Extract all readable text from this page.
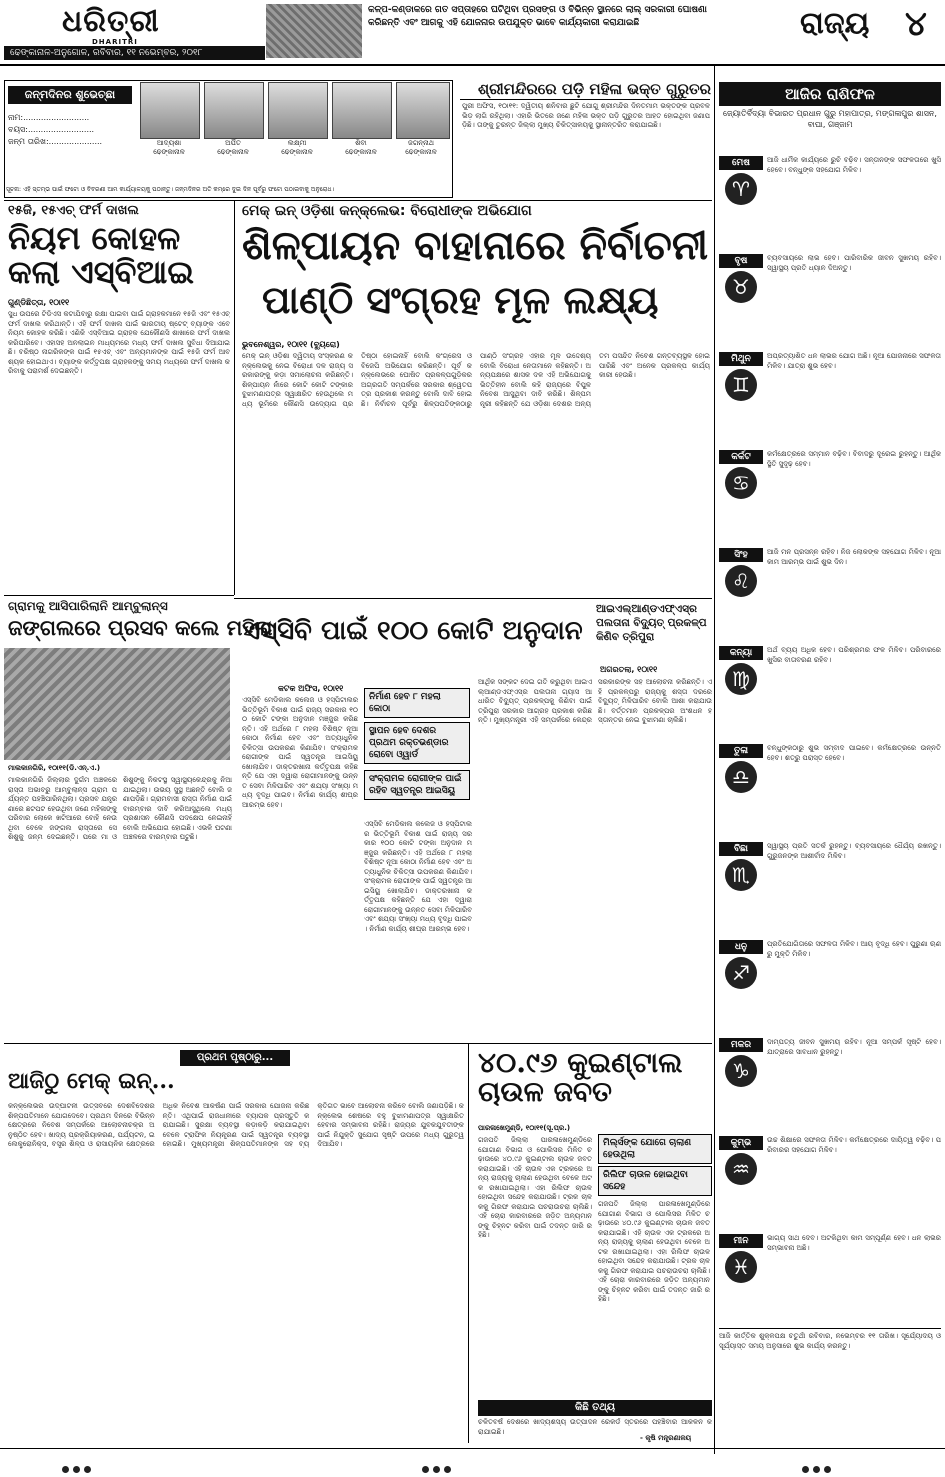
ଧରିତ୍ରୀ
DHARITRI
ଢେଙ୍କାନାଳ-ଅନୁଗୋଳ, ରବିବାର, ୧୧ ନଭେମ୍ବର, ୨୦୧୮
କଳ୍ପ-କଣ୍ଡାକରେ ଗତ ସପ୍ତାହରେ ଘଟିଥିବା ପ୍ରସଙ୍ଗ ଓ ବିଭିନ୍ନ ସ୍ଥାନରେ ଲାଲ୍ ସରକାରୀ ଘୋଷଣା କରିଛନ୍ତି ଏବଂ ଆଗକୁ ଏହି ଯୋଜନାର ଉପଯୁକ୍ତ ଭାବେ କାର୍ଯ୍ୟକାରୀ କରାଯାଇଛି	ରାଜ୍ୟ ୪
ଜନ୍ମଦିନର ଶୁଭେଚ୍ଛା
ନାମ:..........................
ବୟସ:..........................
ଜନ୍ମ ତାରିଖ:.....................	ଆଦ୍ୟଶା
ଢେଙ୍କାନାଳ
ଅର୍ପିତ
ଢେଙ୍କାନାଳ
ଲକ୍ଷ୍ମୀ
ଢେଙ୍କାନାଳ
ଶିବା
ଢେଙ୍କାନାଳ
ଜଗନ୍ନାଥ
ଢେଙ୍କାନାଳ
ସୂଚନା: ଏହି ସ୍ତମ୍ଭ ପାଇଁ ଫଟୋ ଓ ବିବରଣୀ ଆମ କାର୍ଯ୍ୟାଳୟକୁ ପଠାନ୍ତୁ। ଜନ୍ମଦିନର ଅତି କମ୍‌ରେ ଦୁଇ ଦିନ ପୂର୍ବରୁ ଫଟୋ ପଠାଇବାକୁ ଅନୁରୋଧ।
ଶ୍ରୀମନ୍ଦିରରେ ପଡ଼ି ମହିଳା ଭକ୍ତ ଗୁରୁତର
ପୁରୀ ଅଫିସ, ୧୦ା୧୧: ଦ୍ୱିତୀୟ ଶନିବାର ଛୁଟି ଯୋଗୁ ଶ୍ରୀମନ୍ଦିର ଦିନତମାମ ଭକ୍ତଙ୍କ ପ୍ରବଳ ଭିଡ଼ ଲାଗି ରହିଥିଲା। ଏହାରି ଭିତରେ ଜଣେ ମହିଳା ଭକ୍ତ ପଡ଼ି ଗୁରୁତର ଆହତ ହୋଇଥିବା ଜଣାପଡ଼ିଛି। ତାଙ୍କୁ ତୁରନ୍ତ ଜିଲ୍ଲା ମୁଖ୍ୟ ଚିକିତ୍ସାଳୟକୁ ସ୍ଥାନାନ୍ତରିତ କରାଯାଇଛି।
୧୫ଜି, ୧୫ଏଚ୍ ଫର୍ମ ଦାଖଲ
ନିୟମ କୋହଳ କଲା ଏସ୍‌ବିଆଇ
ଗୁଣ୍ଡିଛିତ୍ତା, ୧୦ା୧୧
ସୁଧ ଉପରେ ଟିଡିଏସ କଟାଯିବାରୁ ରକ୍ଷା ପାଇବା ପାଇଁ ଗ୍ରାହକମାନେ ୧୫ଜି ଏବଂ ୧୫ଏଚ୍ ଫର୍ମ ଦାଖଲ କରିଥାନ୍ତି। ଏହି ଫର୍ମ ଦାଖଲ ପାଇଁ ଭାରତୀୟ ଷ୍ଟେଟ୍ ବ୍ୟାଙ୍କ ଏବେ ନିୟମ କୋହଳ କରିଛି। ଏଣିକି ଏସ୍‌ବିଆଇ ଗ୍ରାହକ ଯେକୌଣସି ଶାଖାରେ ଫର୍ମ ଦାଖଲ କରିପାରିବେ। ଏହାସହ ଅନଲାଇନ ମାଧ୍ୟମରେ ମଧ୍ୟ ଫର୍ମ ଦାଖଲ ସୁବିଧା ଦିଆଯାଇଛି। ବରିଷ୍ଠ ନାଗରିକଙ୍କ ପାଇଁ ୧୫ଏଚ୍ ଏବଂ ଅନ୍ୟମାନଙ୍କ ପାଇଁ ୧୫ଜି ଫର୍ମ ଆବଶ୍ୟକ ହୋଇଥାଏ। ବ୍ୟାଙ୍କ କର୍ତ୍ତୃପକ୍ଷ ଗ୍ରାହକଙ୍କୁ ସମୟ ମଧ୍ୟରେ ଫର୍ମ ଦାଖଲ କରିବାକୁ ପରାମର୍ଶ ଦେଇଛନ୍ତି।
ମେକ୍ ଇନ୍ ଓଡ଼ିଶା କନ୍‌କ୍ଲେଭ: ବିରୋଧୀଙ୍କ ଅଭିଯୋଗ
ଶିଳ୍ପାୟନ ବାହାନାରେ ନିର୍ବାଚନୀ
ପାଣ୍ଠି ସଂଗ୍ରହ ମୂଳ ଲକ୍ଷ୍ୟ
ଭୁବନେଶ୍ୱର, ୧୦ା୧୧ (ବ୍ୟୁରୋ)
ମେକ୍ ଇନ୍ ଓଡ଼ିଶା ଦ୍ୱିତୀୟ ସଂସ୍କରଣ କନ୍‌କ୍ଲେଭକୁ ନେଇ ବିରୋଧୀ ଦଳ ରାଜ୍ୟ ସରକାରଙ୍କୁ କଡ଼ା ସମାଲୋଚନା କରିଛନ୍ତି। ଶିଳ୍ପାୟନ ନାଁରେ କୋଟି କୋଟି ଟଙ୍କାର ବୁଝାମଣାପତ୍ର ସ୍ୱାକ୍ଷରିତ ହେଉଥିଲେ ମଧ୍ୟ ଭୂମିରେ କୌଣସି ଉଦ୍ୟୋଗ ପ୍ରତିଷ୍ଠା ହୋଇନାହିଁ ବୋଲି କଂଗ୍ରେସ ଓ ବିଜେପି ଅଭିଯୋଗ କରିଛନ୍ତି। ପୂର୍ବ କନ୍‌କ୍ଲେଭରେ ଘୋଷିତ ପ୍ରକଳ୍ପଗୁଡ଼ିକର ଅଗ୍ରଗତି ସମ୍ପର୍କରେ ସରକାର ଶ୍ୱେତପତ୍ର ପ୍ରକାଶ କରନ୍ତୁ ବୋଲି ଦାବି ହୋଇଛି। ନିର୍ବାଚନ ପୂର୍ବରୁ ଶିଳ୍ପପତିଙ୍କଠାରୁ ପାଣ୍ଠି ସଂଗ୍ରହ ଏହାର ମୂଳ ଉଦ୍ଦେଶ୍ୟ ବୋଲି ବିରୋଧୀ ନେତାମାନେ କହିଛନ୍ତି। ଅନ୍ୟପକ୍ଷରେ ଶାସକ ଦଳ ଏହି ଅଭିଯୋଗକୁ ଭିତ୍ତିହୀନ ବୋଲି କହି ରାଜ୍ୟରେ ବିପୁଳ ନିବେଶ ଆସୁଥିବା ଦାବି କରିଛି। ଶିଳ୍ପମନ୍ତ୍ରୀ କହିଛନ୍ତି ଯେ ଓଡ଼ିଶା ଦେଶର ଅନ୍ୟତମ ପସନ୍ଦିତ ନିବେଶ ଗନ୍ତବ୍ୟସ୍ଥଳ ହୋଇପାରିଛି ଏବଂ ଅନେକ ପ୍ରକଳ୍ପ କାର୍ଯ୍ୟକାରୀ ହେଉଛି।
ଗ୍ରାମକୁ ଆସିପାରିଲାନି ଆମ୍ବୁଲାନ୍ସ
ଜଙ୍ଗଲରେ ପ୍ରସବ କଲେ ମହିଳା
ମାଲକାନଗିରି, ୧୦ା୧୧(ଡି.ଏନ୍.ଏ.)
ମାଲକାନଗିରି ଜିଲ୍ଲାର ଦୁର୍ଗମ ଅଞ୍ଚଳରେ ରାସ୍ତା ଅଭାବରୁ ଆମ୍ବୁଲାନ୍ସ ଗ୍ରାମ ପର୍ଯ୍ୟନ୍ତ ପହଞ୍ଚିପାରିନଥିଲା। ପ୍ରସବ ଯନ୍ତ୍ରଣାରେ ଛଟପଟ ହେଉଥିବା ଜଣେ ମହିଳାଙ୍କୁ ପରିବାର ଲୋକେ ଖଟିଆରେ ବୋହି ନେଉଥିବା ବେଳେ ଜଙ୍ଗଲ ରାସ୍ତାରେ ସେ ଶିଶୁକୁ ଜନ୍ମ ଦେଇଛନ୍ତି। ପରେ ମା ଓ ଶିଶୁଙ୍କୁ ନିକଟସ୍ଥ ସ୍ୱାସ୍ଥ୍ୟକେନ୍ଦ୍ରକୁ ନିଆଯାଇଥିଲା। ଉଭୟ ସୁସ୍ଥ ଅଛନ୍ତି ବୋଲି ଜଣାପଡ଼ିଛି। ଗ୍ରାମବାସୀ ରାସ୍ତା ନିର୍ମାଣ ପାଇଁ ବାରମ୍ବାର ଦାବି କରିଆସୁଥିଲେ ମଧ୍ୟ ପ୍ରଶାସନ କୌଣସି ପଦକ୍ଷେପ ନେଇନାହିଁ ବୋଲି ଅଭିଯୋଗ ହୋଇଛି। ଏଭଳି ଘଟଣା ଅଞ୍ଚଳରେ ବାରମ୍ବାର ଘଟୁଛି।
ଏସ୍‌ସିବି ପାଇଁ ୧୦୦ କୋଟି ଅନୁଦାନ
କଟକ ଅଫିସ, ୧୦ା୧୧
ନିର୍ମାଣ ହେବ ୮ ମହଲା କୋଠା
ସ୍ଥାପନ ହେବ ଦେଶର ପ୍ରଥମ ରକ୍ତଭଣ୍ଡାର ରୋବୋ ଓ୍ୱାର୍ଡ
ସଂକ୍ରାମକ ରୋଗୀଙ୍କ ପାଇଁ ରହିବ ସ୍ୱତନ୍ତ୍ର ଆଇସିୟୁ
ଏସ୍‌ସିବି ମେଡିକାଲ କଲେଜ ଓ ହସ୍ପିଟାଲର ଭିତ୍ତିଭୂମି ବିକାଶ ପାଇଁ ରାଜ୍ୟ ସରକାର ୧୦୦ କୋଟି ଟଙ୍କା ଅନୁଦାନ ମଞ୍ଜୁର କରିଛନ୍ତି। ଏହି ଅର୍ଥରେ ୮ ମହଲା ବିଶିଷ୍ଟ ନୂଆ କୋଠା ନିର୍ମାଣ ହେବ ଏବଂ ଅତ୍ୟାଧୁନିକ ଚିକିତ୍ସା ଉପକରଣ କିଣାଯିବ। ସଂକ୍ରାମକ ରୋଗୀଙ୍କ ପାଇଁ ସ୍ୱତନ୍ତ୍ର ଆଇସିୟୁ ଖୋଲାଯିବ। ଡାକ୍ତରଖାନା କର୍ତ୍ତୃପକ୍ଷ କହିଛନ୍ତି ଯେ ଏହା ଦ୍ୱାରା ରୋଗୀମାନଙ୍କୁ ଉନ୍ନତ ସେବା ମିଳିପାରିବ ଏବଂ ଶଯ୍ୟା ସଂଖ୍ୟା ମଧ୍ୟ ବୃଦ୍ଧି ପାଇବ। ନିର୍ମାଣ କାର୍ଯ୍ୟ ଶୀଘ୍ର ଆରମ୍ଭ ହେବ।
ଏସ୍‌ସିବି ମେଡିକାଲ କଲେଜ ଓ ହସ୍ପିଟାଲର ଭିତ୍ତିଭୂମି ବିକାଶ ପାଇଁ ରାଜ୍ୟ ସରକାର ୧୦୦ କୋଟି ଟଙ୍କା ଅନୁଦାନ ମଞ୍ଜୁର କରିଛନ୍ତି। ଏହି ଅର୍ଥରେ ୮ ମହଲା ବିଶିଷ୍ଟ ନୂଆ କୋଠା ନିର୍ମାଣ ହେବ ଏବଂ ଅତ୍ୟାଧୁନିକ ଚିକିତ୍ସା ଉପକରଣ କିଣାଯିବ। ସଂକ୍ରାମକ ରୋଗୀଙ୍କ ପାଇଁ ସ୍ୱତନ୍ତ୍ର ଆଇସିୟୁ ଖୋଲାଯିବ। ଡାକ୍ତରଖାନା କର୍ତ୍ତୃପକ୍ଷ କହିଛନ୍ତି ଯେ ଏହା ଦ୍ୱାରା ରୋଗୀମାନଙ୍କୁ ଉନ୍ନତ ସେବା ମିଳିପାରିବ ଏବଂ ଶଯ୍ୟା ସଂଖ୍ୟା ମଧ୍ୟ ବୃଦ୍ଧି ପାଇବ। ନିର୍ମାଣ କାର୍ଯ୍ୟ ଶୀଘ୍ର ଆରମ୍ଭ ହେବ।
ଆଇଏଲ୍‌ଆଣ୍ଡଏଫ୍‌ଏସ୍‌ର ପଲତାନା ବିଦ୍ୟୁତ୍ ପ୍ରକଳ୍ପ କିଣିବ ତ୍ରିପୁରା
ଅଗରତଲା, ୧୦ା୧୧
ଆର୍ଥିକ ସଙ୍କଟ ଦେଇ ଗତି କରୁଥିବା ଆଇଏଲ୍‌ଆଣ୍ଡଏଫ୍‌ଏସ୍‌ର ପଲତାନା ଗ୍ୟାସ ଆଧାରିତ ବିଦ୍ୟୁତ୍ ପ୍ରକଳ୍ପକୁ କିଣିବା ପାଇଁ ତ୍ରିପୁରା ସରକାର ଆଗ୍ରହ ପ୍ରକାଶ କରିଛନ୍ତି। ମୁଖ୍ୟମନ୍ତ୍ରୀ ଏହି ସମ୍ପର୍କରେ କେନ୍ଦ୍ର ସରକାରଙ୍କ ସହ ଆଲୋଚନା କରିଛନ୍ତି। ଏହି ପ୍ରକଳ୍ପରୁ ରାଜ୍ୟକୁ ଶସ୍ତା ଦରରେ ବିଦ୍ୟୁତ୍ ମିଳିପାରିବ ବୋଲି ଆଶା କରାଯାଉଛି। ବର୍ତ୍ତମାନ ପ୍ରକଳ୍ପର ଅଂଶଧନ ହସ୍ତାନ୍ତର ନେଇ ବୁଝାମଣା ଚାଲିଛି।
ପ୍ରଥମ ପୃଷ୍ଠାରୁ...
ଆଜିଠୁ ମେକ୍ ଇନ୍...
କନ୍‌କ୍ଲେଭର ଉଦ୍‌ଘାଟନୀ ଉତ୍ସବରେ ଦେଶବିଦେଶର ଶିଳ୍ପପତିମାନେ ଯୋଗଦେବେ। ପ୍ରଥମ ଦିନରେ ବିଭିନ୍ନ କ୍ଷେତ୍ରରେ ନିବେଶ ସମ୍ପର୍କରେ ଆଲୋଚନାଚକ୍ର ଅନୁଷ୍ଠିତ ହେବ। ଖାଦ୍ୟ ପ୍ରକ୍ରିୟାକରଣ, ପର୍ଯ୍ୟଟନ, ଇଲେକ୍ଟ୍ରୋନିକ୍ସ, ବସ୍ତ୍ର ଶିଳ୍ପ ଓ ରାସାୟନିକ କ୍ଷେତ୍ରରେ ଅଧିକ ନିବେଶ ଆକର୍ଷଣ ପାଇଁ ସରକାର ଯୋଜନା କରିଛନ୍ତି। ଏଥିପାଇଁ ରାଜଧାନୀରେ ବ୍ୟାପକ ପ୍ରସ୍ତୁତି କରାଯାଇଛି। ସୁରକ୍ଷା ବ୍ୟବସ୍ଥା କଡ଼ାକଡ଼ି କରାଯାଇଥିବା ବେଳେ ଟ୍ରାଫିକ ନିୟନ୍ତ୍ରଣ ପାଇଁ ସ୍ୱତନ୍ତ୍ର ବ୍ୟବସ୍ଥା ହୋଇଛି। ମୁଖ୍ୟମନ୍ତ୍ରୀ ଶିଳ୍ପପତିମାନଙ୍କ ସହ ବ୍ୟକ୍ତିଗତ ଭାବେ ଆଲୋଚନା କରିବେ ବୋଲି ଜଣାପଡ଼ିଛି। କନ୍‌କ୍ଲେଭ ଶେଷରେ ବହୁ ବୁଝାମଣାପତ୍ର ସ୍ୱାକ୍ଷରିତ ହେବାର ସମ୍ଭାବନା ରହିଛି। ରାଜ୍ୟର ଯୁବକଯୁବତୀଙ୍କ ପାଇଁ ନିଯୁକ୍ତି ସୁଯୋଗ ସୃଷ୍ଟି ଉପରେ ମଧ୍ୟ ଗୁରୁତ୍ୱ ଦିଆଯିବ।
୪୦.୯୬ କୁଇଣ୍ଟାଲ ଚାଉଳ ଜବତ
ପାରଳାଖେମୁଣ୍ଡି, ୧୦ା୧୧(ସୂ.ପ୍ର.)
ମିଲ୍‌ର୍ସଙ୍କ ଯୋଗେ ଚାଲାଣ ହେଉଥିଲା
ରିଲିଫ ଚାଉଳ ହୋଇଥିବା ସନ୍ଦେହ
ଗଜପତି ଜିଲ୍ଲା ପାରଳାଖେମୁଣ୍ଡିରେ ଯୋଗାଣ ବିଭାଗ ଓ ପୋଲିସର ମିଳିତ ଚଢ଼ାଉରେ ୪୦.୯୬ କୁଇଣ୍ଟାଲ ଚାଉଳ ଜବତ କରାଯାଇଛି। ଏହି ଚାଉଳ ଏକ ଟ୍ରକରେ ଅନ୍ୟ ରାଜ୍ୟକୁ ଚାଲାଣ ହେଉଥିବା ବେଳେ ଅଟକ ରଖାଯାଇଥିଲା। ଏହା ରିଲିଫ ଚାଉଳ ହୋଇଥିବା ସନ୍ଦେହ କରାଯାଉଛି। ଟ୍ରକ ଚାଳକକୁ ଗିରଫ କରାଯାଇ ପଚରାଉଚରା ଚାଲିଛି। ଏହି ଚୋରା କାରବାରରେ ଜଡ଼ିତ ଅନ୍ୟମାନଙ୍କୁ ଚିହ୍ନଟ କରିବା ପାଇଁ ତଦନ୍ତ ଜାରି ରହିଛି।
ଗଜପତି ଜିଲ୍ଲା ପାରଳାଖେମୁଣ୍ଡିରେ ଯୋଗାଣ ବିଭାଗ ଓ ପୋଲିସର ମିଳିତ ଚଢ଼ାଉରେ ୪୦.୯୬ କୁଇଣ୍ଟାଲ ଚାଉଳ ଜବତ କରାଯାଇଛି। ଏହି ଚାଉଳ ଏକ ଟ୍ରକରେ ଅନ୍ୟ ରାଜ୍ୟକୁ ଚାଲାଣ ହେଉଥିବା ବେଳେ ଅଟକ ରଖାଯାଇଥିଲା। ଏହା ରିଲିଫ ଚାଉଳ ହୋଇଥିବା ସନ୍ଦେହ କରାଯାଉଛି। ଟ୍ରକ ଚାଳକକୁ ଗିରଫ କରାଯାଇ ପଚରାଉଚରା ଚାଲିଛି। ଏହି ଚୋରା କାରବାରରେ ଜଡ଼ିତ ଅନ୍ୟମାନଙ୍କୁ ଚିହ୍ନଟ କରିବା ପାଇଁ ତଦନ୍ତ ଜାରି ରହିଛି।
କିଛି ତଥ୍ୟ
ଚଳିତବର୍ଷ ଦେଶରେ ଖାଦ୍ୟଶସ୍ୟ ଉତ୍ପାଦନ ରେକର୍ଡ ସ୍ତରରେ ପହଞ୍ଚିବାର ଆକଳନ କରାଯାଇଛି।
- କୃଷି ମନ୍ତ୍ରଣାଳୟ
ଆଜିର ରାଶିଫଳ
ଜ୍ୟୋତିର୍ବିଦ୍ୟା ବିଭାରତ ପ୍ରଧାନ ଗୁରୁ ମହାପାତ୍ର, ମଙ୍ଗଳାପୁର ଶାସନ, ବାଘା, ଗଞ୍ଜାମ
ମେଷ
♈
ଆଜି ଧାର୍ମିକ କାର୍ଯ୍ୟରେ ରୁଚି ବଢ଼ିବ। ସନ୍ତାନଙ୍କ ସଫଳତାରେ ଖୁସି ହେବେ। ବନ୍ଧୁଙ୍କ ସହଯୋଗ ମିଳିବ।
ବୃଷ
♉
ବ୍ୟବସାୟରେ ଲାଭ ହେବ। ପାରିବାରିକ ଜୀବନ ସୁଖମୟ ରହିବ। ସ୍ୱାସ୍ଥ୍ୟ ପ୍ରତି ଧ୍ୟାନ ଦିଅନ୍ତୁ।
ମିଥୁନ
♊
ଅପ୍ରତ୍ୟାଶିତ ଧନ ଲାଭର ଯୋଗ ଅଛି। ନୂଆ ଯୋଜନାରେ ସଫଳତା ମିଳିବ। ଯାତ୍ରା ଶୁଭ ହେବ।
କର୍କଟ
♋
କର୍ମକ୍ଷେତ୍ରରେ ସମ୍ମାନ ବଢ଼ିବ। ବିବାଦରୁ ଦୂରେଇ ରୁହନ୍ତୁ। ଆର୍ଥିକ ସ୍ଥିତି ସୁଦୃଢ଼ ହେବ।
ସିଂହ
♌
ଆଜି ମନ ପ୍ରସନ୍ନ ରହିବ। ନିଜ ଲୋକଙ୍କ ସହଯୋଗ ମିଳିବ। ନୂଆ କାମ ଆରମ୍ଭ ପାଇଁ ଶୁଭ ଦିନ।
କନ୍ୟା
♍
ଅର୍ଥ ବ୍ୟୟ ଅଧିକ ହେବ। ପରିଶ୍ରମର ଫଳ ମିଳିବ। ପରିବାରରେ ଖୁସିର ବାତାବରଣ ରହିବ।
ତୁଳା
♎
ବନ୍ଧୁଙ୍କଠାରୁ ଶୁଭ ସମ୍ବାଦ ପାଇବେ। କର୍ମକ୍ଷେତ୍ରରେ ଉନ୍ନତି ହେବ। ଶତ୍ରୁ ପରାସ୍ତ ହେବେ।
ବିଛା
♏
ସ୍ୱାସ୍ଥ୍ୟ ପ୍ରତି ସତର୍କ ରୁହନ୍ତୁ। ବ୍ୟବସାୟରେ ଧୈର୍ଯ୍ୟ ରଖନ୍ତୁ। ଗୁରୁଜନଙ୍କ ଆଶୀର୍ବାଦ ମିଳିବ।
ଧନୁ
♐
ପ୍ରତିଯୋଗିତାରେ ସଫଳତା ମିଳିବ। ଆୟ ବୃଦ୍ଧି ହେବ। ପୁରୁଣା ଋଣରୁ ମୁକ୍ତି ମିଳିବ।
ମକର
♑
ଦାମ୍ପତ୍ୟ ଜୀବନ ସୁଖମୟ ରହିବ। ନୂଆ ସମ୍ପର୍କ ସୃଷ୍ଟି ହେବ। ଯାତ୍ରାରେ ସାବଧାନ ରୁହନ୍ତୁ।
କୁମ୍ଭ
♒
ଉଚ୍ଚ ଶିକ୍ଷାରେ ସଫଳତା ମିଳିବ। କର୍ମକ୍ଷେତ୍ରରେ ଦାୟିତ୍ୱ ବଢ଼ିବ। ପରିବାରର ସହଯୋଗ ମିଳିବ।
ମୀନ
♓
ଭାଗ୍ୟ ସାଥ ଦେବ। ଅଟକିଥିବା କାମ ସମ୍ପୂର୍ଣ୍ଣ ହେବ। ଧନ ଲାଭର ସମ୍ଭାବନା ଅଛି।
ଆଜି କାର୍ତ୍ତିକ ଶୁକ୍ଳପକ୍ଷ ଚତୁର୍ଥୀ ରବିବାର, ନଭେମ୍ବର ୧୧ ତାରିଖ। ସୂର୍ଯ୍ୟୋଦୟ ଓ ସୂର୍ଯ୍ୟାସ୍ତ ସମୟ ଅନୁସାରେ ଶୁଭ କାର୍ଯ୍ୟ କରନ୍ତୁ।
